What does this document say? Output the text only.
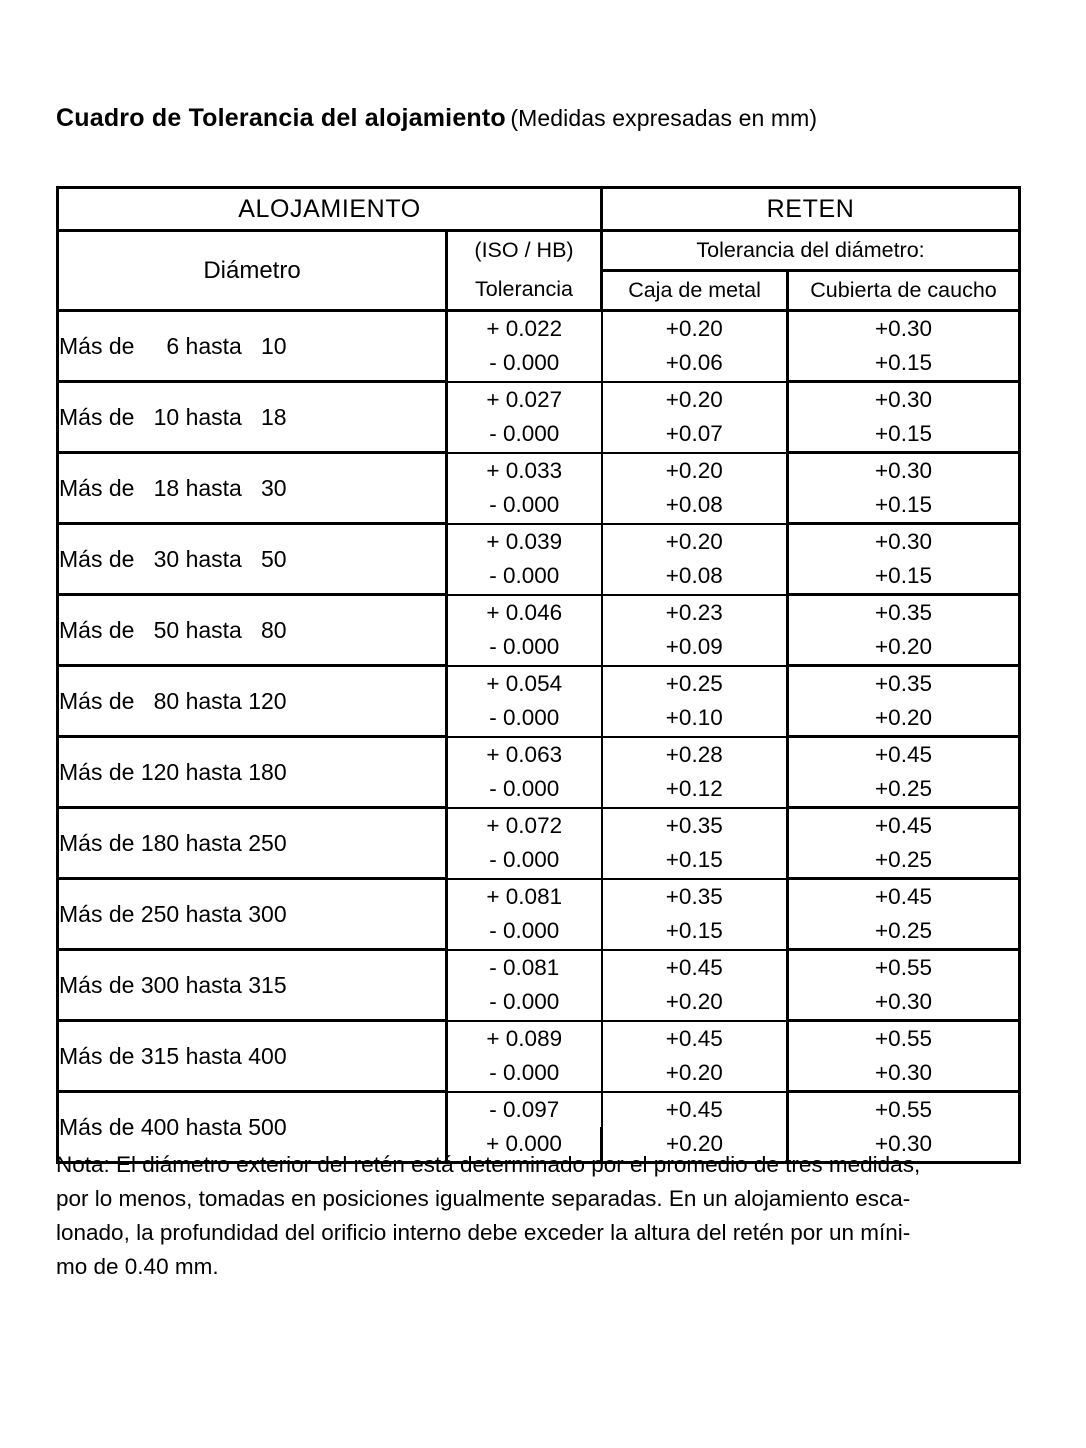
Cuadro de Tolerancia del alojamiento (Medidas expresadas en mm)
ALOJAMIENTO		RETEN	
Diámetro	(ISO / HB)	Tolerancia del diámetro:	
	Tolerancia	Caja de metal	Cubierta de caucho
Más de     6 hasta   10	+ 0.022	+0.20	+0.30
	- 0.000	+0.06	+0.15
Más de   10 hasta   18	+ 0.027	+0.20	+0.30
	- 0.000	+0.07	+0.15
Más de   18 hasta   30	+ 0.033	+0.20	+0.30
	- 0.000	+0.08	+0.15
Más de   30 hasta   50	+ 0.039	+0.20	+0.30
	- 0.000	+0.08	+0.15
Más de   50 hasta   80	+ 0.046	+0.23	+0.35
	- 0.000	+0.09	+0.20
Más de   80 hasta 120	+ 0.054	+0.25	+0.35
	- 0.000	+0.10	+0.20
Más de 120 hasta 180	+ 0.063	+0.28	+0.45
	- 0.000	+0.12	+0.25
Más de 180 hasta 250	+ 0.072	+0.35	+0.45
	- 0.000	+0.15	+0.25
Más de 250 hasta 300	+ 0.081	+0.35	+0.45
	- 0.000	+0.15	+0.25
Más de 300 hasta 315	- 0.081	+0.45	+0.55
	- 0.000	+0.20	+0.30
Más de 315 hasta 400	+ 0.089	+0.45	+0.55
	- 0.000	+0.20	+0.30
Más de 400 hasta 500	- 0.097	+0.45	+0.55
	+ 0.000	+0.20	+0.30

Nota: El diámetro exterior del retén está determinado por el promedio de tres medidas,

por lo menos, tomadas en posiciones igualmente separadas. En un alojamiento esca-

lonado, la profundidad del orificio interno debe exceder la altura del retén por un míni-

mo de 0.40 mm.
